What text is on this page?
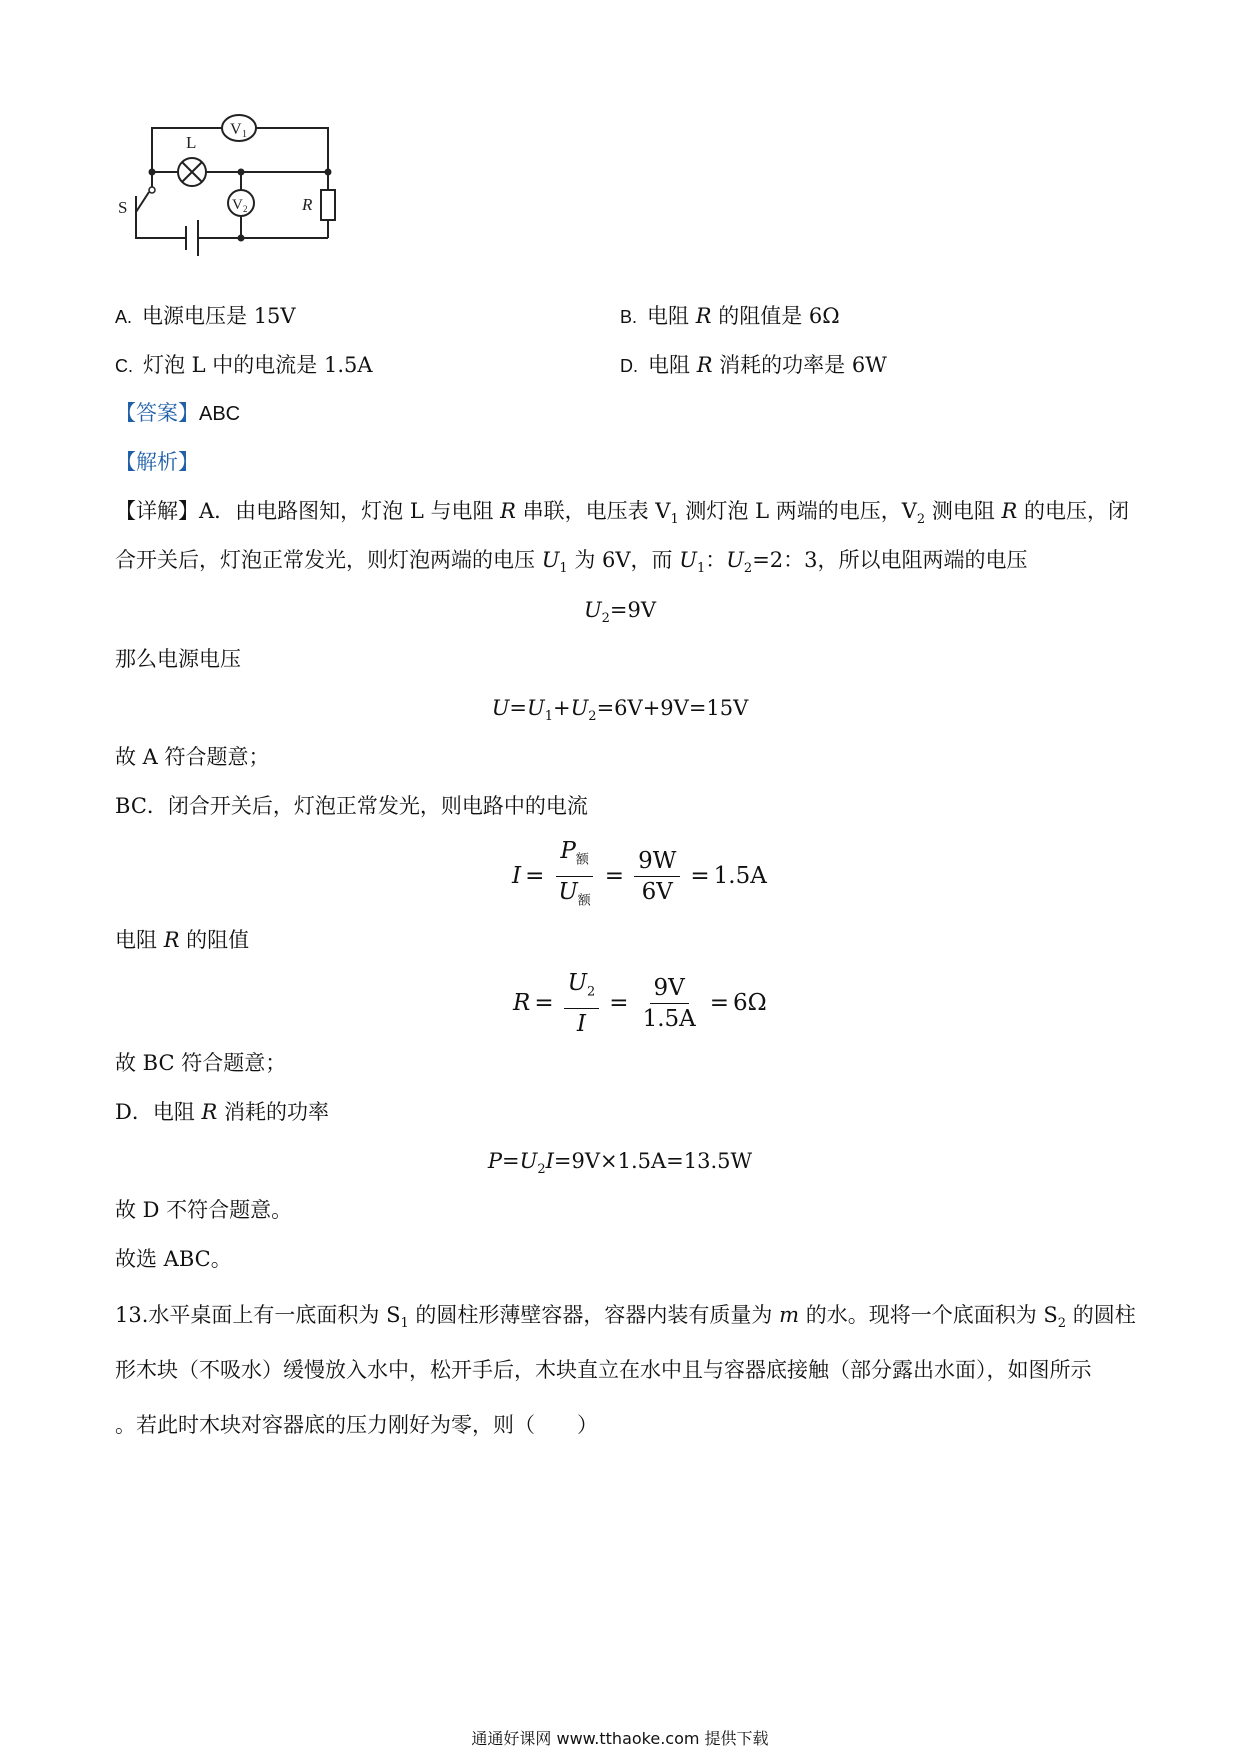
V 1
L
V 2	R
S
A. 电源电压是 15V	B. 电阻 R 的阻值是 6Ω
C. 灯泡 L 中的电流是 1.5A	D. 电阻 R 消耗的功率是 6W
【答案】ABC
【解析】
【详解】A．由电路图知，灯泡 L 与电阻 R 串联，电压表 $V_1$ 测灯泡 L 两端的电压，$V_2$ 测电阻 R 的电压，闭
合开关后，灯泡正常发光，则灯泡两端的电压 $U_1$ 为 6V，而 $U_1$：$U_2=2$：3，所以电阻两端的电压
$U_2=9V$
那么电源电压
$U=U_1+U_2=6V+9V=15V$
故 A 符合题意；
BC．闭合开关后，灯泡正常发光，则电路中的电流
$I = \frac{P_额}{U_额} = \frac{9W}{6V} = 1.5A$
电阻 R 的阻值
$R = \frac{U_2}{I} = \frac{9V}{1.5A} = 6\Omega$
故 BC 符合题意；
D．电阻 R 消耗的功率
$P=U_2I=9V\times 1.5A=13.5W$
故 D 不符合题意。
故选 ABC。
13.水平桌面上有一底面积为 $S_1$ 的圆柱形薄壁容器，容器内装有质量为 m 的水。现将一个底面积为 $S_2$ 的圆柱
形木块（不吸水）缓慢放入水中，松开手后，木块直立在水中且与容器底接触（部分露出水面），如图所示
。若此时木块对容器底的压力刚好为零，则（　　）
通通好课网 www.tthaoke.com 提供下载
